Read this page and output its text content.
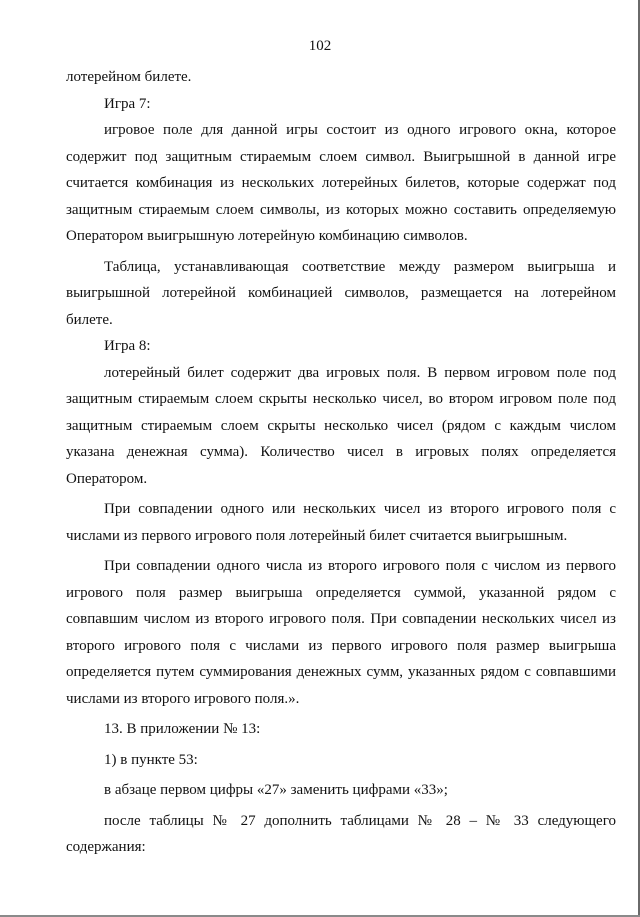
102

лотерейном билете.

Игра 7:

игровое поле для данной игры состоит из одного игрового окна, которое содержит под защитным стираемым слоем символ. Выигрышной в данной игре считается комбинация из нескольких лотерейных билетов, которые содержат под защитным стираемым слоем символы, из которых можно составить определяемую Оператором выигрышную лотерейную комбинацию символов.

Таблица, устанавливающая соответствие между размером выигрыша и выигрышной лотерейной комбинацией символов, размещается на лотерейном билете.

Игра 8:

лотерейный билет содержит два игровых поля. В первом игровом поле под защитным стираемым слоем скрыты несколько чисел, во втором игровом поле под защитным стираемым слоем скрыты несколько чисел (рядом с каждым числом указана денежная сумма). Количество чисел в игровых полях определяется Оператором.

При совпадении одного или нескольких чисел из второго игрового поля с числами из первого игрового поля лотерейный билет считается выигрышным.

При совпадении одного числа из второго игрового поля с числом из первого игрового поля размер выигрыша определяется суммой, указанной рядом с совпавшим числом из второго игрового поля. При совпадении нескольких чисел из второго игрового поля с числами из первого игрового поля размер выигрыша определяется путем суммирования денежных сумм, указанных рядом с совпавшими числами из второго игрового поля.».

13. В приложении № 13:

1) в пункте 53:

в абзаце первом цифры «27» заменить цифрами «33»;

после таблицы № 27 дополнить таблицами № 28 – № 33 следующего содержания:
